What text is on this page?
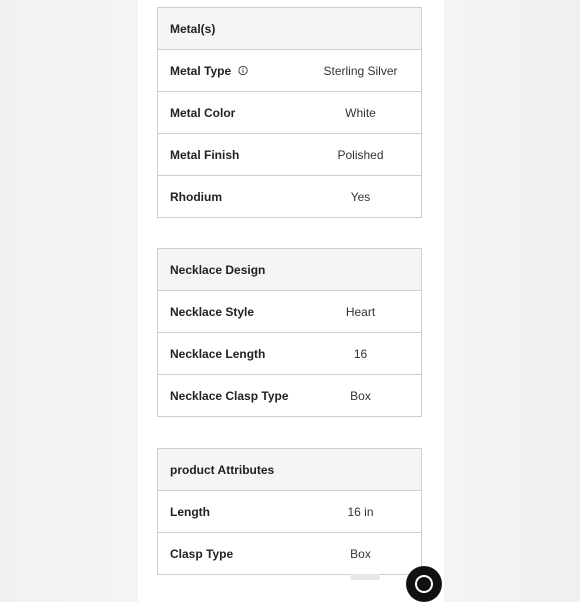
Metal(s)
Metal Type	Sterling Silver
Metal Color	White
Metal Finish	Polished
Rhodium	Yes
Necklace Design
Necklace Style	Heart
Necklace Length	16
Necklace Clasp Type	Box
product Attributes
Length	16 in
Clasp Type	Box
